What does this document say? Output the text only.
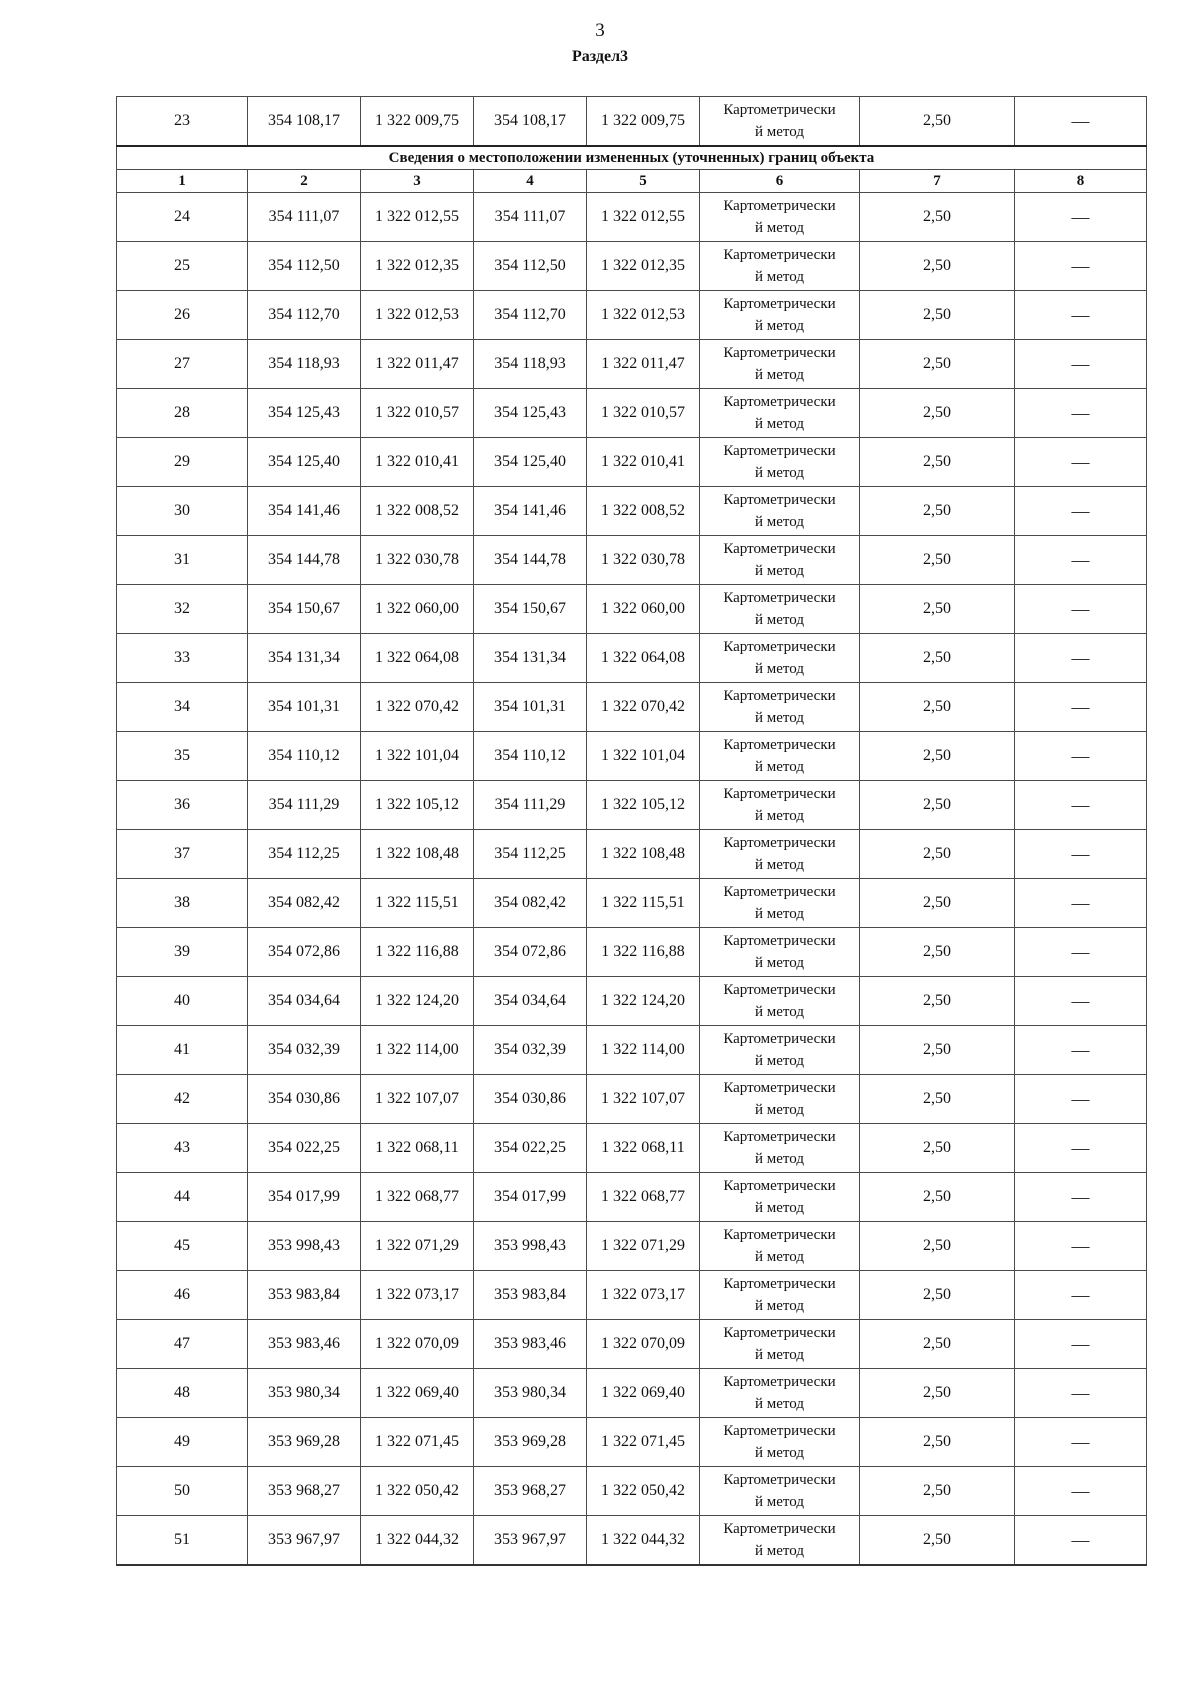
3
Раздел3
23	354 108,17	1 322 009,75	354 108,17	1 322 009,75	Картометрически
й метод	2,50	—
Сведения о местоположении измененных (уточненных) границ объекта							
1	2	3	4	5	6	7	8
24	354 111,07	1 322 012,55	354 111,07	1 322 012,55	Картометрически
й метод	2,50	—
25	354 112,50	1 322 012,35	354 112,50	1 322 012,35	Картометрически
й метод	2,50	—
26	354 112,70	1 322 012,53	354 112,70	1 322 012,53	Картометрически
й метод	2,50	—
27	354 118,93	1 322 011,47	354 118,93	1 322 011,47	Картометрически
й метод	2,50	—
28	354 125,43	1 322 010,57	354 125,43	1 322 010,57	Картометрически
й метод	2,50	—
29	354 125,40	1 322 010,41	354 125,40	1 322 010,41	Картометрически
й метод	2,50	—
30	354 141,46	1 322 008,52	354 141,46	1 322 008,52	Картометрически
й метод	2,50	—
31	354 144,78	1 322 030,78	354 144,78	1 322 030,78	Картометрически
й метод	2,50	—
32	354 150,67	1 322 060,00	354 150,67	1 322 060,00	Картометрически
й метод	2,50	—
33	354 131,34	1 322 064,08	354 131,34	1 322 064,08	Картометрически
й метод	2,50	—
34	354 101,31	1 322 070,42	354 101,31	1 322 070,42	Картометрически
й метод	2,50	—
35	354 110,12	1 322 101,04	354 110,12	1 322 101,04	Картометрически
й метод	2,50	—
36	354 111,29	1 322 105,12	354 111,29	1 322 105,12	Картометрически
й метод	2,50	—
37	354 112,25	1 322 108,48	354 112,25	1 322 108,48	Картометрически
й метод	2,50	—
38	354 082,42	1 322 115,51	354 082,42	1 322 115,51	Картометрически
й метод	2,50	—
39	354 072,86	1 322 116,88	354 072,86	1 322 116,88	Картометрически
й метод	2,50	—
40	354 034,64	1 322 124,20	354 034,64	1 322 124,20	Картометрически
й метод	2,50	—
41	354 032,39	1 322 114,00	354 032,39	1 322 114,00	Картометрически
й метод	2,50	—
42	354 030,86	1 322 107,07	354 030,86	1 322 107,07	Картометрически
й метод	2,50	—
43	354 022,25	1 322 068,11	354 022,25	1 322 068,11	Картометрически
й метод	2,50	—
44	354 017,99	1 322 068,77	354 017,99	1 322 068,77	Картометрически
й метод	2,50	—
45	353 998,43	1 322 071,29	353 998,43	1 322 071,29	Картометрически
й метод	2,50	—
46	353 983,84	1 322 073,17	353 983,84	1 322 073,17	Картометрически
й метод	2,50	—
47	353 983,46	1 322 070,09	353 983,46	1 322 070,09	Картометрически
й метод	2,50	—
48	353 980,34	1 322 069,40	353 980,34	1 322 069,40	Картометрически
й метод	2,50	—
49	353 969,28	1 322 071,45	353 969,28	1 322 071,45	Картометрически
й метод	2,50	—
50	353 968,27	1 322 050,42	353 968,27	1 322 050,42	Картометрически
й метод	2,50	—
51	353 967,97	1 322 044,32	353 967,97	1 322 044,32	Картометрически
й метод	2,50	—
